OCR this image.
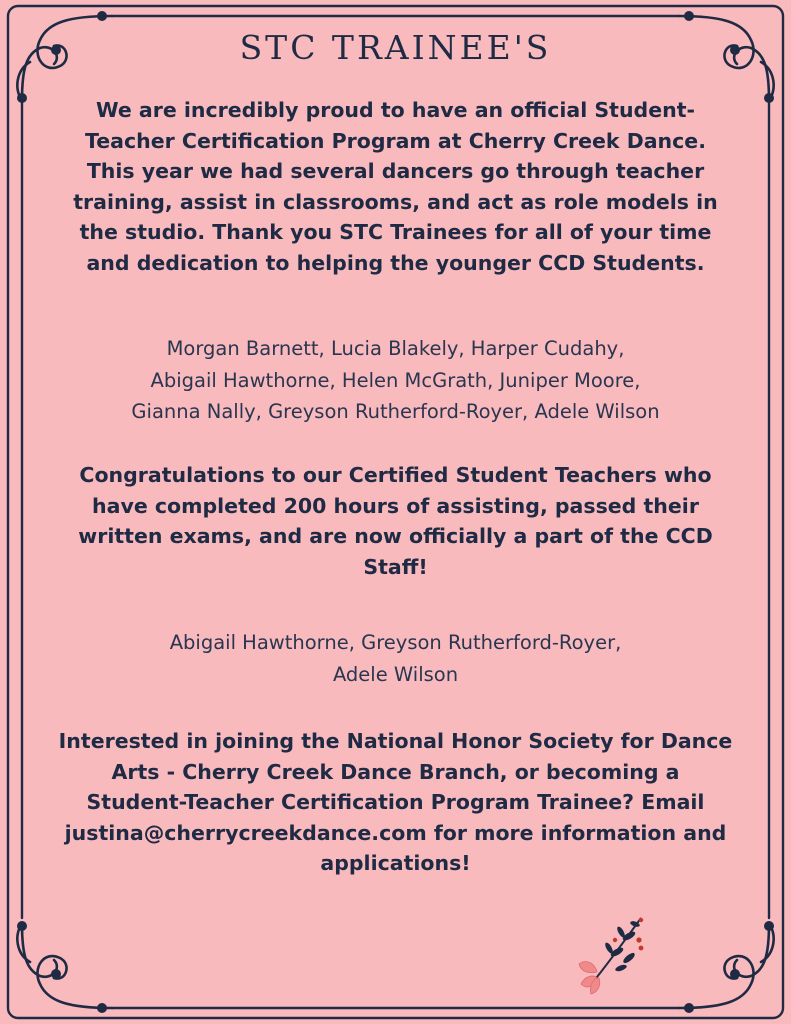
STC TRAINEE'S

We are incredibly proud to have an official Student-
Teacher Certification Program at Cherry Creek Dance.
This year we had several dancers go through teacher
training, assist in classrooms, and act as role models in
the studio. Thank you STC Trainees for all of your time
and dedication to helping the younger CCD Students.

Morgan Barnett, Lucia Blakely, Harper Cudahy,
Abigail Hawthorne, Helen McGrath, Juniper Moore,
Gianna Nally, Greyson Rutherford-Royer, Adele Wilson

Congratulations to our Certified Student Teachers who
have completed 200 hours of assisting, passed their
written exams, and are now officially a part of the CCD
Staff!

Abigail Hawthorne, Greyson Rutherford-Royer,
Adele Wilson

Interested in joining the National Honor Society for Dance
Arts - Cherry Creek Dance Branch, or becoming a
Student-Teacher Certification Program Trainee? Email
justina@cherrycreekdance.com for more information and
applications!
